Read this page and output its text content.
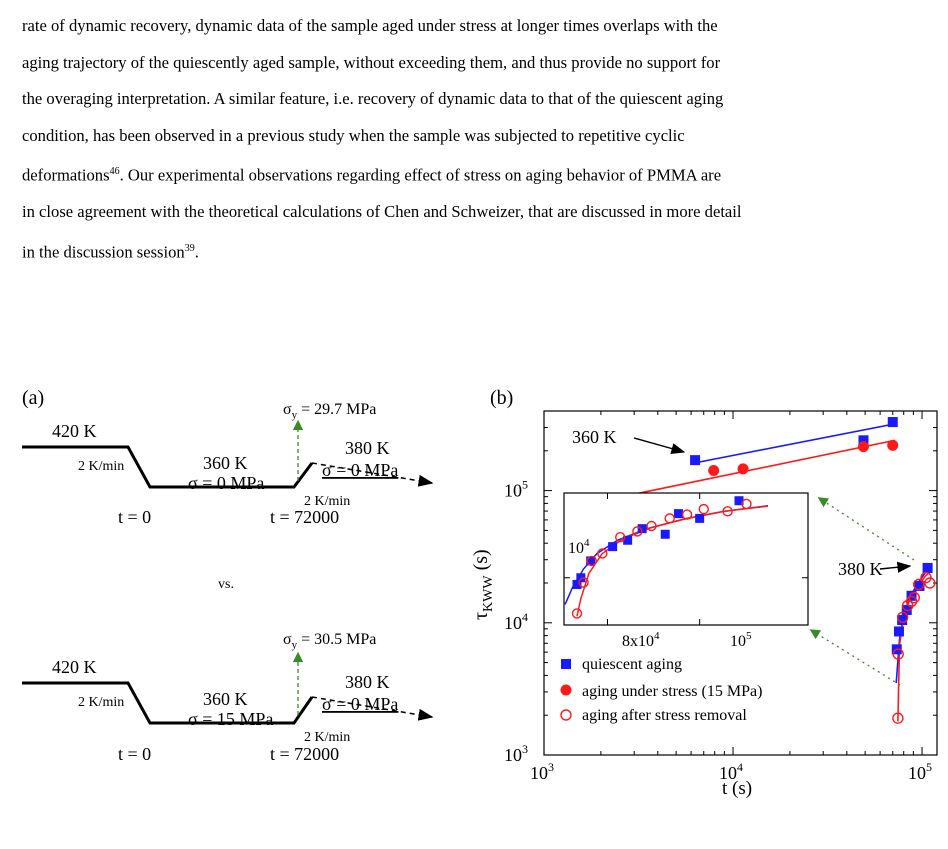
rate of dynamic recovery, dynamic data of the sample aged under stress at longer times overlaps with the

aging trajectory of the quiescently aged sample, without exceeding them, and thus provide no support for

the overaging interpretation. A similar feature, i.e. recovery of dynamic data to that of the quiescent aging

condition, has been observed in a previous study when the sample was subjected to repetitive cyclic

deformations$^{46}$. Our experimental observations regarding effect of stress on aging behavior of PMMA are

in close agreement with the theoretical calculations of Chen and Schweizer, that are discussed in more detail

in the discussion session$^{39}$.

(a)
420 K
2 K/min	360 K
σ = 0 MPa
t = 0	t = 72000
$\sigma_y = 29.7$ MPa
380 K
σ = 0 MPa
2 K/min
vs.
420 K
2 K/min	360 K
σ = 15 MPa
t = 0	t = 72000
$\sigma_y = 30.5$ MPa
380 K
σ = 0 MPa
2 K/min
(b)
$10^3$	$10^4$	$10^5$
$10^3$
$10^4$
$10^5$
$\tau_{KWW}$ (s)
t (s)
360 K
380 K
$10^4$
$8x10^4$	$10^5$
quiescent aging
aging under stress (15 MPa)
aging after stress removal
